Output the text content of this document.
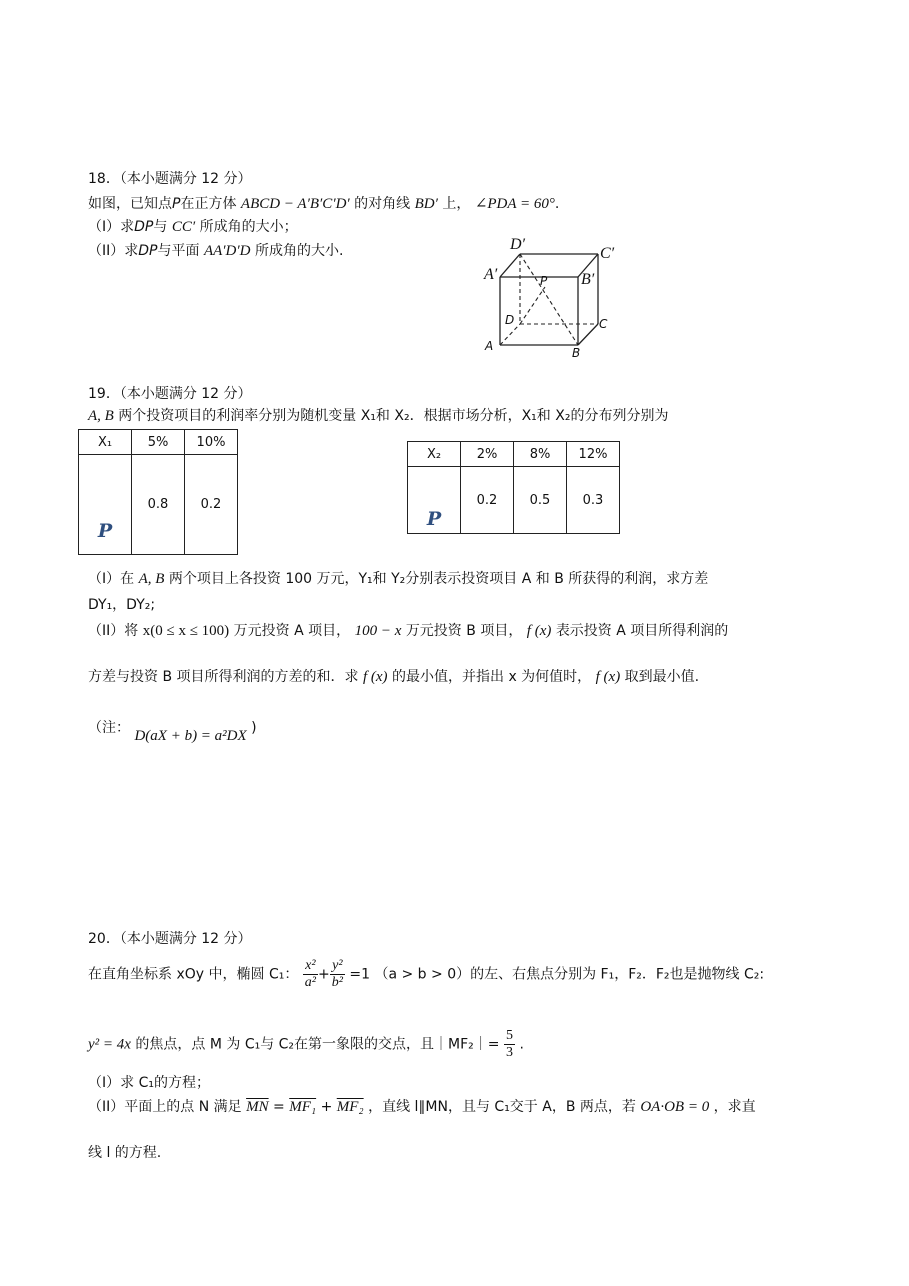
18．（本小题满分 12 分）
如图，已知点P在正方体 ABCD − A′B′C′D′ 的对角线 BD′ 上， ∠PDA = 60°.
（I）求DP与 CC′ 所成角的大小；
（II）求DP与平面 AA′D′D 所成角的大小.	D′
C′
A′	B′
P
D	C
A	B
19．（本小题满分 12 分）
A, B 两个投资项目的利润率分别为随机变量 X₁和 X₂．根据市场分析，X₁和 X₂的分布列分别为
X₁	5%	10%

P	0.8	0.2
X₂	2%	8%	12%

P	0.2	0.5	0.3
（I）在 A, B 两个项目上各投资 100 万元，Y₁和 Y₂分别表示投资项目 A 和 B 所获得的利润，求方差
DY₁，DY₂;
（II）将 x(0 ≤ x ≤ 100) 万元投资 A 项目， 100 − x 万元投资 B 项目， f (x) 表示投资 A 项目所得利润的
方差与投资 B 项目所得利润的方差的和．求 f (x) 的最小值，并指出 x 为何值时， f (x) 取到最小值.
（注： D(aX + b) = a²DX )
20．（本小题满分 12 分）
在直角坐标系 xOy 中，椭圆 C₁： $\frac{\text{x²}}{\text{a²}} + \frac{\text{y²}}{\text{b²}} =1$ （a > b > 0）的左、右焦点分别为 F₁，F₂．F₂也是抛物线 C₂:
y² = 4x 的焦点，点 M 为 C₁与 C₂在第一象限的交点，且｜MF₂｜= $\frac{5}{3}$ .
（I）求 C₁的方程；
（II）平面上的点 N 满足 $\overline{MN} = MF_1 + MF_2$ ，直线 l∥MN，且与 C₁交于 A，B 两点，若 OA·OB = 0 ，求直
线 l 的方程.
